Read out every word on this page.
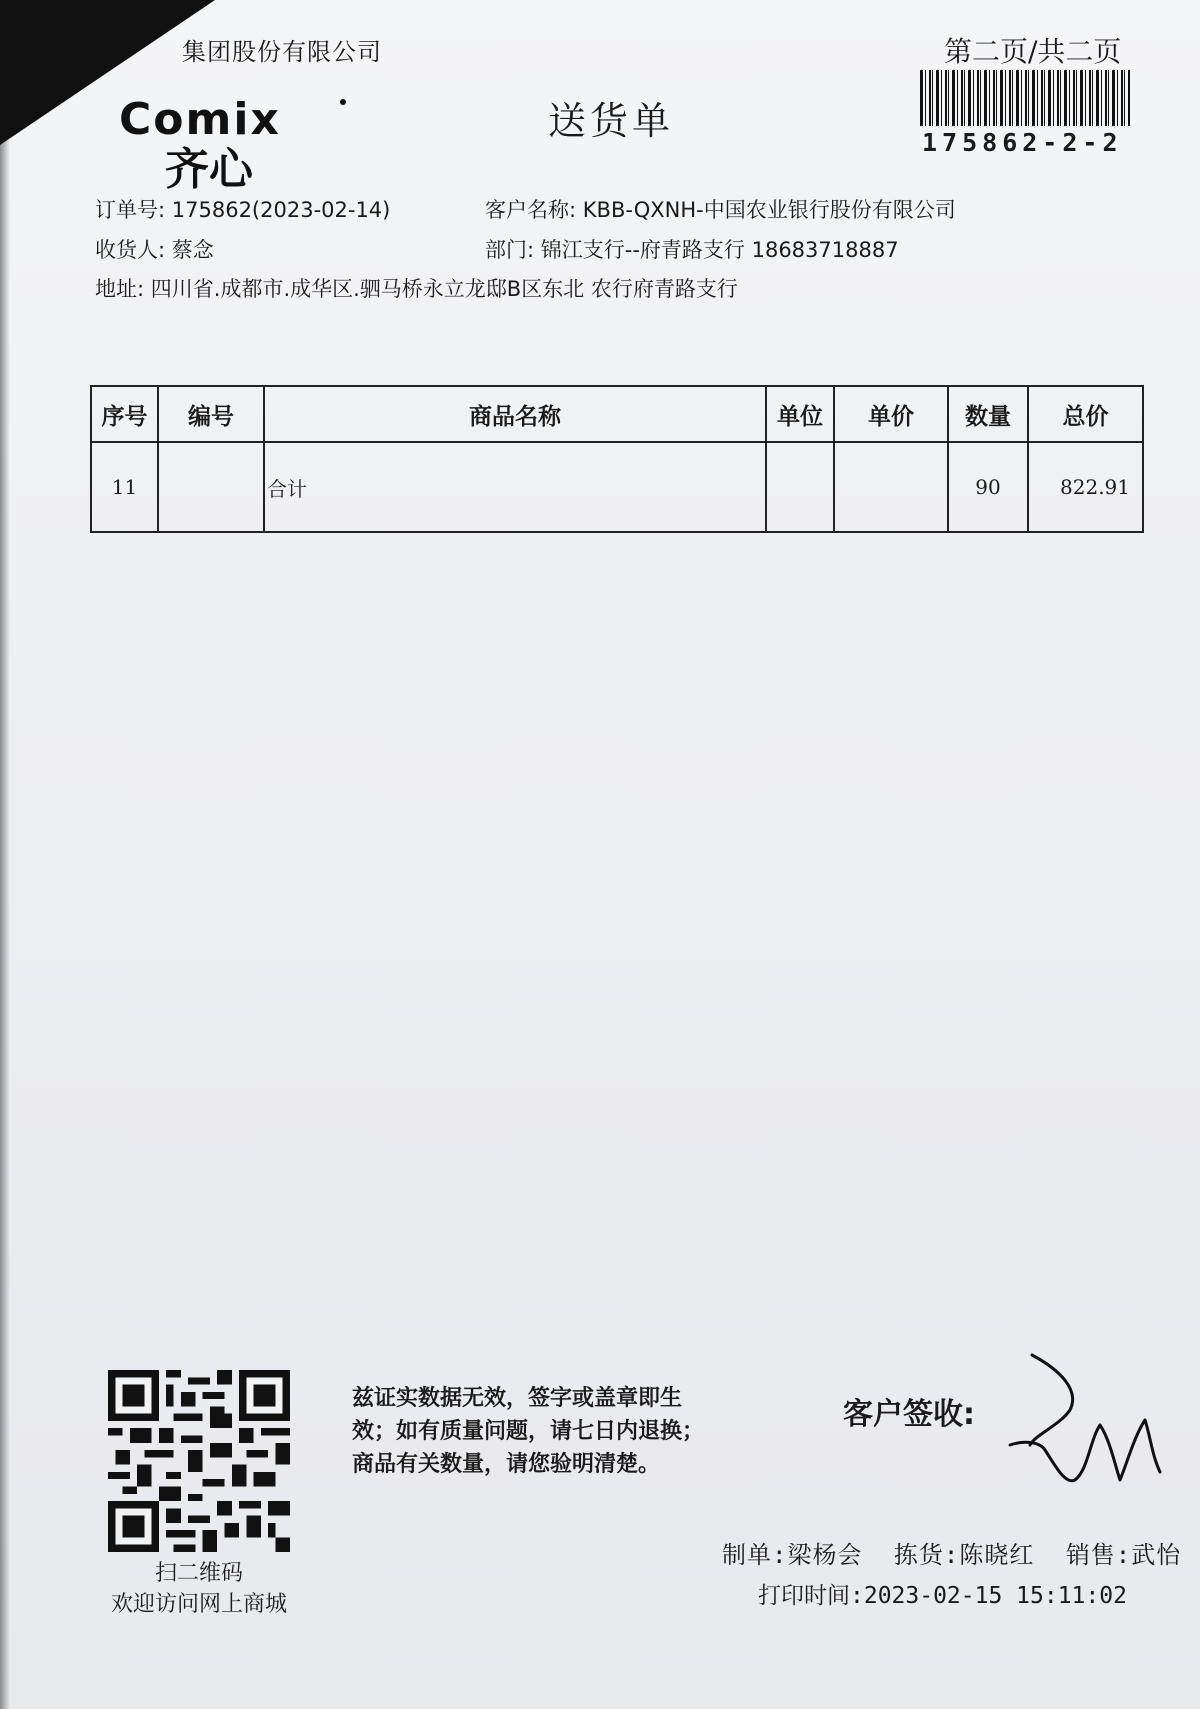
集团股份有限公司	第二页/共二页
175862-2-2
Comix
齐心
送货单
订单号: 175862(2023-02-14)	客户名称: KBB-QXNH-中国农业银行股份有限公司
收货人: 蔡念	部门: 锦江支行--府青路支行 18683718887
地址: 四川省.成都市.成华区.驷马桥永立龙邸B区东北 农行府青路支行
序号	编号	商品名称	单位	单价	数量	总价
11		合计			90	822.91
扫二维码
欢迎访问网上商城
兹证实数据无效，签字或盖章即生
效；如有质量问题，请七日内退换；
商品有关数量，请您验明清楚。
客户签收:
制单:梁杨会 拣货:陈晓红 销售:武怡
打印时间:2023-02-15 15:11:02
